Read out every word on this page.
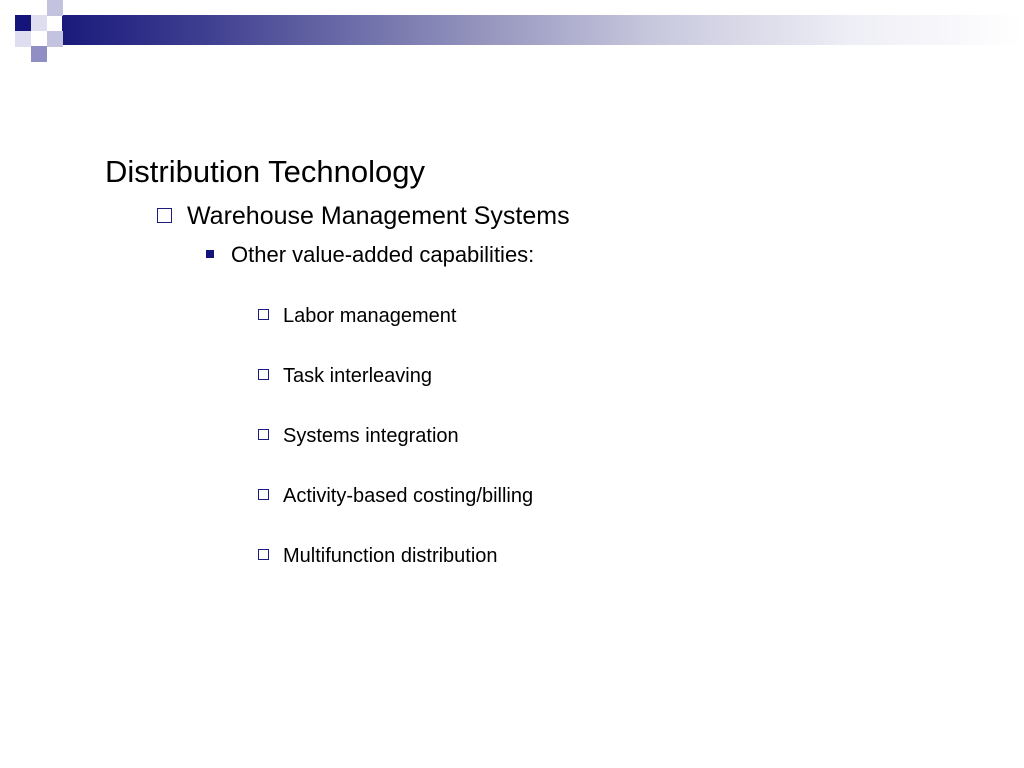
Distribution Technology
Warehouse Management Systems
Other value-added capabilities:
Labor management
Task interleaving
Systems integration
Activity-based costing/billing
Multifunction distribution
